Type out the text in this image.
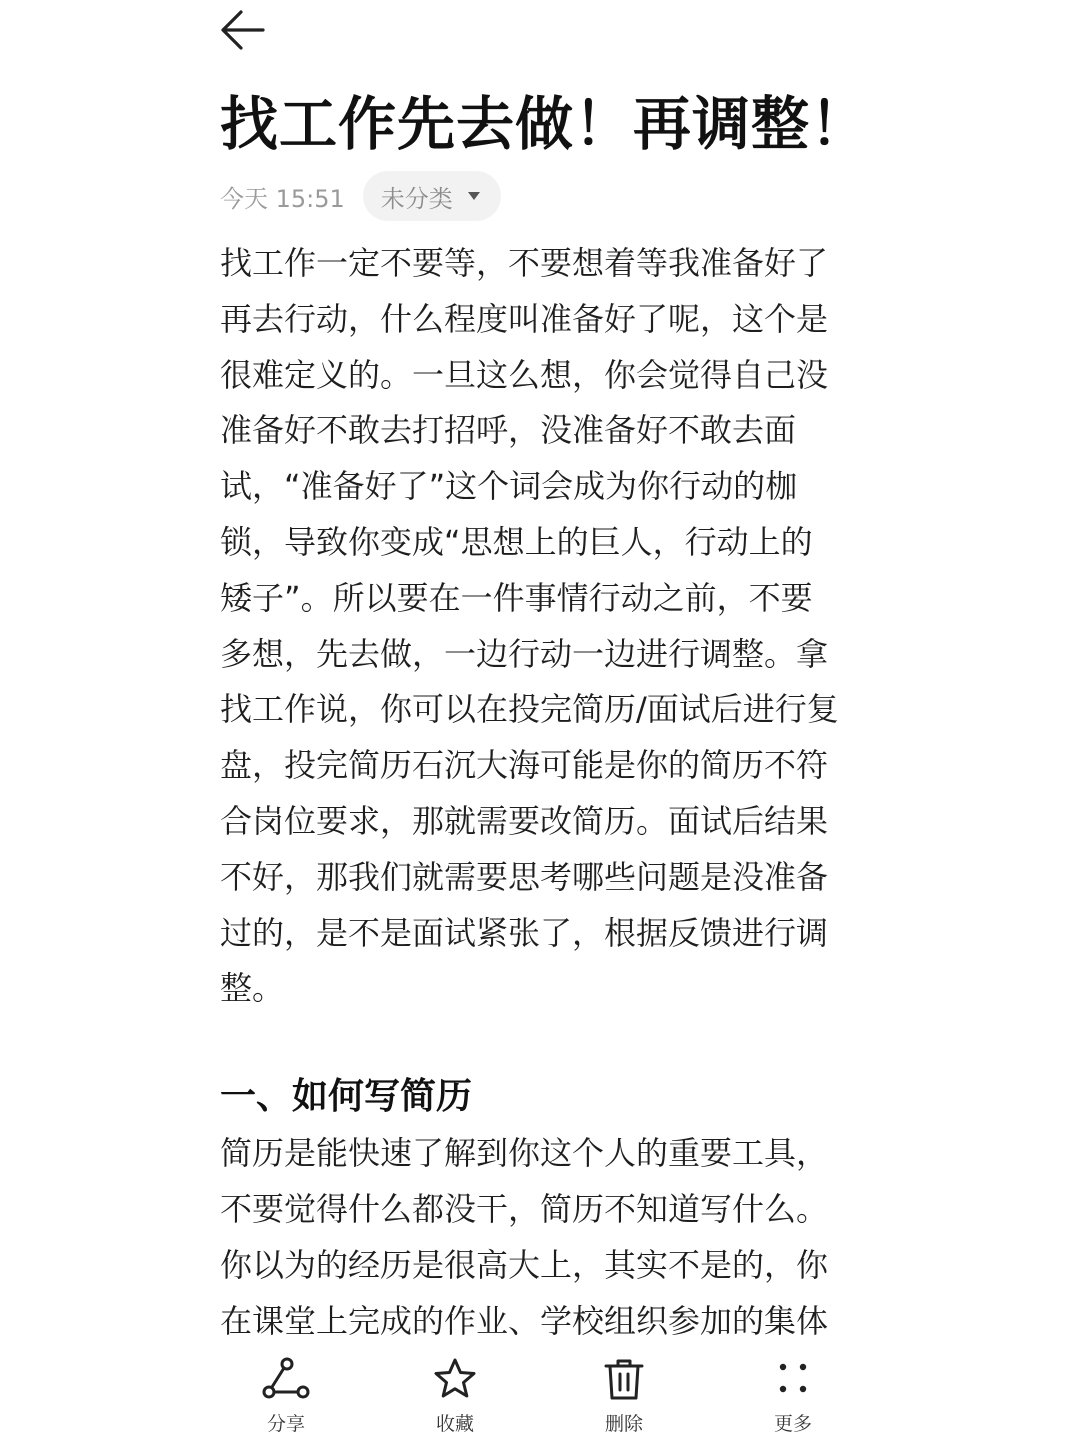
找工作先去做！再调整！
今天 15:51 未分类

找工作一定不要等，不要想着等我准备好了
再去行动，什么程度叫准备好了呢，这个是
很难定义的。一旦这么想，你会觉得自己没
准备好不敢去打招呼，没准备好不敢去面
试，“准备好了”这个词会成为你行动的枷
锁，导致你变成“思想上的巨人，行动上的
矮子”。所以要在一件事情行动之前，不要
多想，先去做，一边行动一边进行调整。拿
找工作说，你可以在投完简历/面试后进行复
盘，投完简历石沉大海可能是你的简历不符
合岗位要求，那就需要改简历。面试后结果
不好，那我们就需要思考哪些问题是没准备
过的，是不是面试紧张了，根据反馈进行调
整。

一、如何写简历

简历是能快速了解到你这个人的重要工具，
不要觉得什么都没干，简历不知道写什么。
你以为的经历是很高大上，其实不是的，你
在课堂上完成的作业、学校组织参加的集体

分享	收藏	删除	更多
